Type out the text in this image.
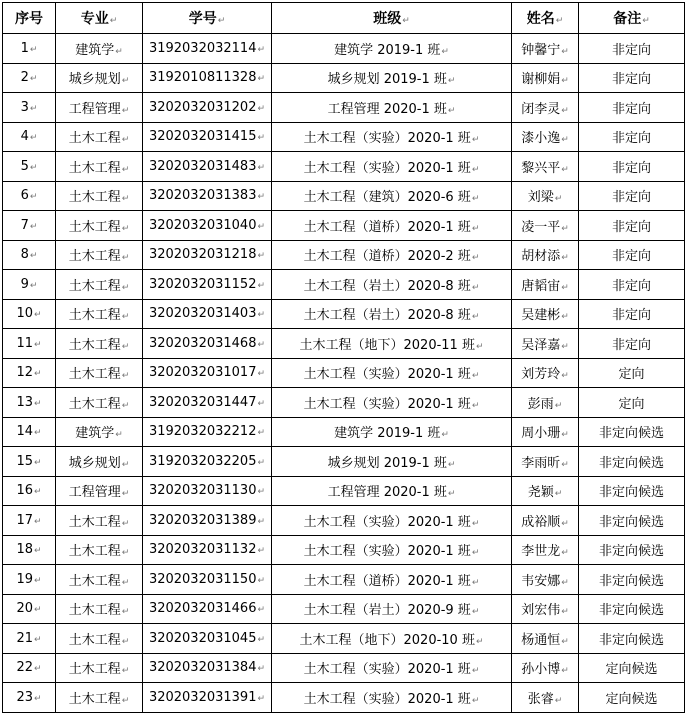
序号	专业↵	学号↵	班级↵	姓名↵	备注↵
1↵	建筑学↵	3192032032114↵	建筑学 2019-1 班↵	钟馨宁↵	非定向
2↵	城乡规划↵	3192010811328↵	城乡规划 2019-1 班↵	谢柳娟↵	非定向
3↵	工程管理↵	3202032031202↵	工程管理 2020-1 班↵	闭李灵↵	非定向
4↵	土木工程↵	3202032031415↵	土木工程（实验）2020-1 班↵	漆小逸↵	非定向
5↵	土木工程↵	3202032031483↵	土木工程（实验）2020-1 班↵	黎兴平↵	非定向
6↵	土木工程↵	3202032031383↵	土木工程（建筑）2020-6 班↵	刘梁↵	非定向
7↵	土木工程↵	3202032031040↵	土木工程（道桥）2020-1 班↵	凌一平↵	非定向
8↵	土木工程↵	3202032031218↵	土木工程（道桥）2020-2 班↵	胡材添↵	非定向
9↵	土木工程↵	3202032031152↵	土木工程（岩土）2020-8 班↵	唐韬宙↵	非定向
10↵	土木工程↵	3202032031403↵	土木工程（岩土）2020-8 班↵	吴建彬↵	非定向
11↵	土木工程↵	3202032031468↵	土木工程（地下）2020-11 班↵	吴泽嘉↵	非定向
12↵	土木工程↵	3202032031017↵	土木工程（实验）2020-1 班↵	刘芳玲↵	定向
13↵	土木工程↵	3202032031447↵	土木工程（实验）2020-1 班↵	彭雨↵	定向
14↵	建筑学↵	3192032032212↵	建筑学 2019-1 班↵	周小珊↵	非定向候选
15↵	城乡规划↵	3192032032205↵	城乡规划 2019-1 班↵	李雨昕↵	非定向候选
16↵	工程管理↵	3202032031130↵	工程管理 2020-1 班↵	尧颖↵	非定向候选
17↵	土木工程↵	3202032031389↵	土木工程（实验）2020-1 班↵	成裕顺↵	非定向候选
18↵	土木工程↵	3202032031132↵	土木工程（实验）2020-1 班↵	李世龙↵	非定向候选
19↵	土木工程↵	3202032031150↵	土木工程（道桥）2020-1 班↵	韦安娜↵	非定向候选
20↵	土木工程↵	3202032031466↵	土木工程（岩土）2020-9 班↵	刘宏伟↵	非定向候选
21↵	土木工程↵	3202032031045↵	土木工程（地下）2020-10 班↵	杨通恒↵	非定向候选
22↵	土木工程↵	3202032031384↵	土木工程（实验）2020-1 班↵	孙小博↵	定向候选
23↵	土木工程↵	3202032031391↵	土木工程（实验）2020-1 班↵	张睿↵	定向候选
